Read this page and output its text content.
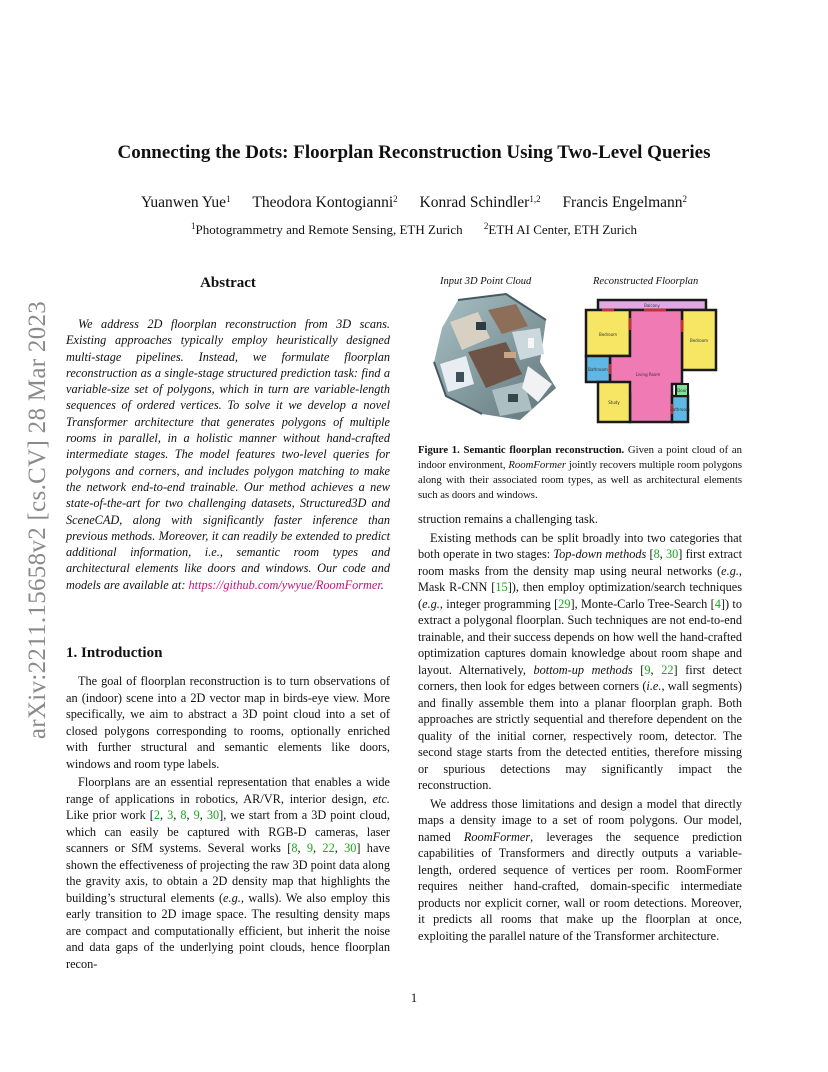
arXiv:2211.15658v2 [cs.CV] 28 Mar 2023
Connecting the Dots: Floorplan Reconstruction Using Two-Level Queries
Yuanwen Yue$^1$ Theodora Kontogianni$^2$ Konrad Schindler$^{1,2}$ Francis Engelmann$^2$
$^1$Photogrammetry and Remote Sensing, ETH Zurich $^2$ETH AI Center, ETH Zurich
Abstract
We address 2D floorplan reconstruction from 3D scans. Existing approaches typically employ heuristically designed multi-stage pipelines. Instead, we formulate floorplan reconstruction as a single-stage structured prediction task: find a variable-size set of polygons, which in turn are variable-length sequences of ordered vertices. To solve it we develop a novel Transformer architecture that generates polygons of multiple rooms in parallel, in a holistic manner without hand-crafted intermediate stages. The model features two-level queries for polygons and corners, and includes polygon matching to make the network end-to-end trainable. Our method achieves a new state-of-the-art for two challenging datasets, Structured3D and SceneCAD, along with significantly faster inference than previous methods. Moreover, it can readily be extended to predict additional information, i.e., semantic room types and architectural elements like doors and windows. Our code and models are available at: https://github.com/ywyue/RoomFormer.
1. Introduction

The goal of floorplan reconstruction is to turn observations of an (indoor) scene into a 2D vector map in birds-eye view. More specifically, we aim to abstract a 3D point cloud into a set of closed polygons corresponding to rooms, optionally enriched with further structural and semantic elements like doors, windows and room type labels.

Floorplans are an essential representation that enables a wide range of applications in robotics, AR/VR, interior design, etc. Like prior work [2, 3, 8, 9, 30], we start from a 3D point cloud, which can easily be captured with RGB-D cameras, laser scanners or SfM systems. Several works [8, 9, 22, 30] have shown the effectiveness of projecting the raw 3D point data along the gravity axis, to obtain a 2D density map that highlights the building’s structural elements (e.g., walls). We also employ this early transition to 2D image space. The resulting density maps are compact and computationally efficient, but inherit the noise and data gaps of the underlying point clouds, hence floorplan recon-

Input 3D Point Cloud	Reconstructed Floorplan
Balcony
Bedroom
Bedroom
Living Room
Bathroom
Study
Bathroom
Door
Figure 1. Semantic floorplan reconstruction. Given a point cloud of an indoor environment, RoomFormer jointly recovers multiple room polygons along with their associated room types, as well as architectural elements such as doors and windows.

struction remains a challenging task.

Existing methods can be split broadly into two categories that both operate in two stages: Top-down methods [8, 30] first extract room masks from the density map using neural networks (e.g., Mask R-CNN [15]), then employ optimization/search techniques (e.g., integer programming [29], Monte-Carlo Tree-Search [4]) to extract a polygonal floorplan. Such techniques are not end-to-end trainable, and their success depends on how well the hand-crafted optimization captures domain knowledge about room shape and layout. Alternatively, bottom-up methods [9, 22] first detect corners, then look for edges between corners (i.e., wall segments) and finally assemble them into a planar floorplan graph. Both approaches are strictly sequential and therefore dependent on the quality of the initial corner, respectively room, detector. The second stage starts from the detected entities, therefore missing or spurious detections may significantly impact the reconstruction.

We address those limitations and design a model that directly maps a density image to a set of room polygons. Our model, named RoomFormer, leverages the sequence prediction capabilities of Transformers and directly outputs a variable-length, ordered sequence of vertices per room. RoomFormer requires neither hand-crafted, domain-specific intermediate products nor explicit corner, wall or room detections. Moreover, it predicts all rooms that make up the floorplan at once, exploiting the parallel nature of the Transformer architecture.

1
